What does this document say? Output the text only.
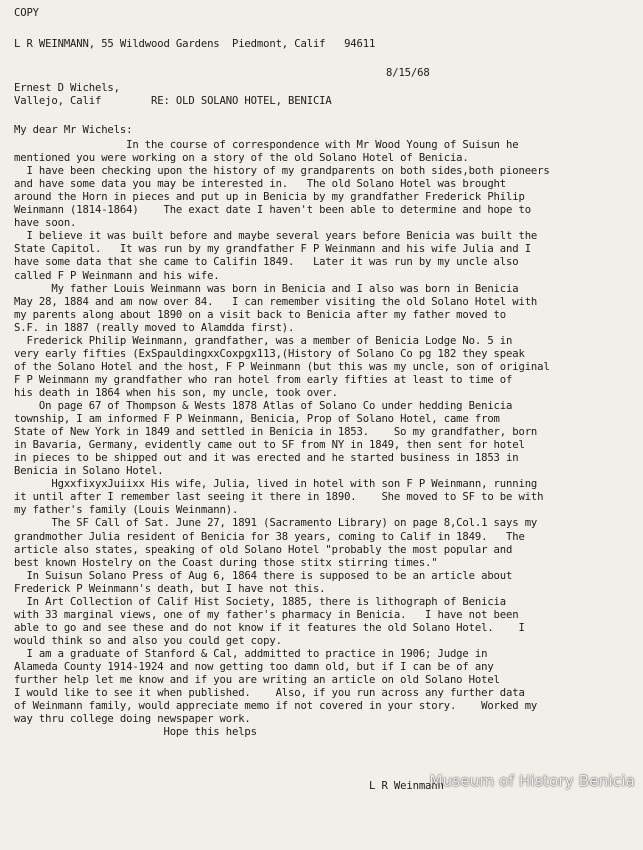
COPY
L R WEINMANN, 55 Wildwood Gardens  Piedmont, Calif   94611
8/15/68
Ernest D Wichels,
Vallejo, Calif        RE: OLD SOLANO HOTEL, BENICIA
My dear Mr Wichels:
In the course of correspondence with Mr Wood Young of Suisun he
mentioned you were working on a story of the old Solano Hotel of Benicia.
I have been checking upon the history of my grandparents on both sides,both pioneers
and have some data you may be interested in.   The old Solano Hotel was brought
around the Horn in pieces and put up in Benicia by my grandfather Frederick Philip
Weinmann (1814-1864)    The exact date I haven't been able to determine and hope to
have soon.
I believe it was built before and maybe several years before Benicia was built the
State Capitol.   It was run by my grandfather F P Weinmann and his wife Julia and I
have some data that she came to Califin 1849.   Later it was run by my uncle also
called F P Weinmann and his wife.
My father Louis Weinmann was born in Benicia and I also was born in Benicia
May 28, 1884 and am now over 84.   I can remember visiting the old Solano Hotel with
my parents along about 1890 on a visit back to Benicia after my father moved to
S.F. in 1887 (really moved to Alamdda first).
Frederick Philip Weinmann, grandfather, was a member of Benicia Lodge No. 5 in
very early fifties (ExSpauldingxxCoxpgx113,(History of Solano Co pg 182 they speak
of the Solano Hotel and the host, F P Weinmann (but this was my uncle, son of original
F P Weinmann my grandfather who ran hotel from early fifties at least to time of
his death in 1864 when his son, my uncle, took over.
On page 67 of Thompson & Wests 1878 Atlas of Solano Co under hedding Benicia
township, I am informed F P Weinmann, Benicia, Prop of Solano Hotel, came from
State of New York in 1849 and settled in Benicia in 1853.    So my grandfather, born
in Bavaria, Germany, evidently came out to SF from NY in 1849, then sent for hotel
in pieces to be shipped out and it was erected and he started business in 1853 in
Benicia in Solano Hotel.
HgxxfixyxJuiixx His wife, Julia, lived in hotel with son F P Weinmann, running
it until after I remember last seeing it there in 1890.    She moved to SF to be with
my father's family (Louis Weinmann).
The SF Call of Sat. June 27, 1891 (Sacramento Library) on page 8,Col.1 says my
grandmother Julia resident of Benicia for 38 years, coming to Calif in 1849.   The
article also states, speaking of old Solano Hotel "probably the most popular and
best known Hostelry on the Coast during those stitx stirring times."
In Suisun Solano Press of Aug 6, 1864 there is supposed to be an article about
Frederick P Weinmann's death, but I have not this.
In Art Collection of Calif Hist Society, 1885, there is lithograph of Benicia
with 33 marginal views, one of my father's pharmacy in Benicia.   I have not been
able to go and see these and do not know if it features the old Solano Hotel.    I
would think so and also you could get copy.
I am a graduate of Stanford & Cal, addmitted to practice in 1906; Judge in
Alameda County 1914-1924 and now getting too damn old, but if I can be of any
further help let me know and if you are writing an article on old Solano Hotel
I would like to see it when published.    Also, if you run across any further data
of Weinmann family, would appreciate memo if not covered in your story.    Worked my
way thru college doing newspaper work.
Hope this helps
L R Weinmann
Museum of History Benicia
